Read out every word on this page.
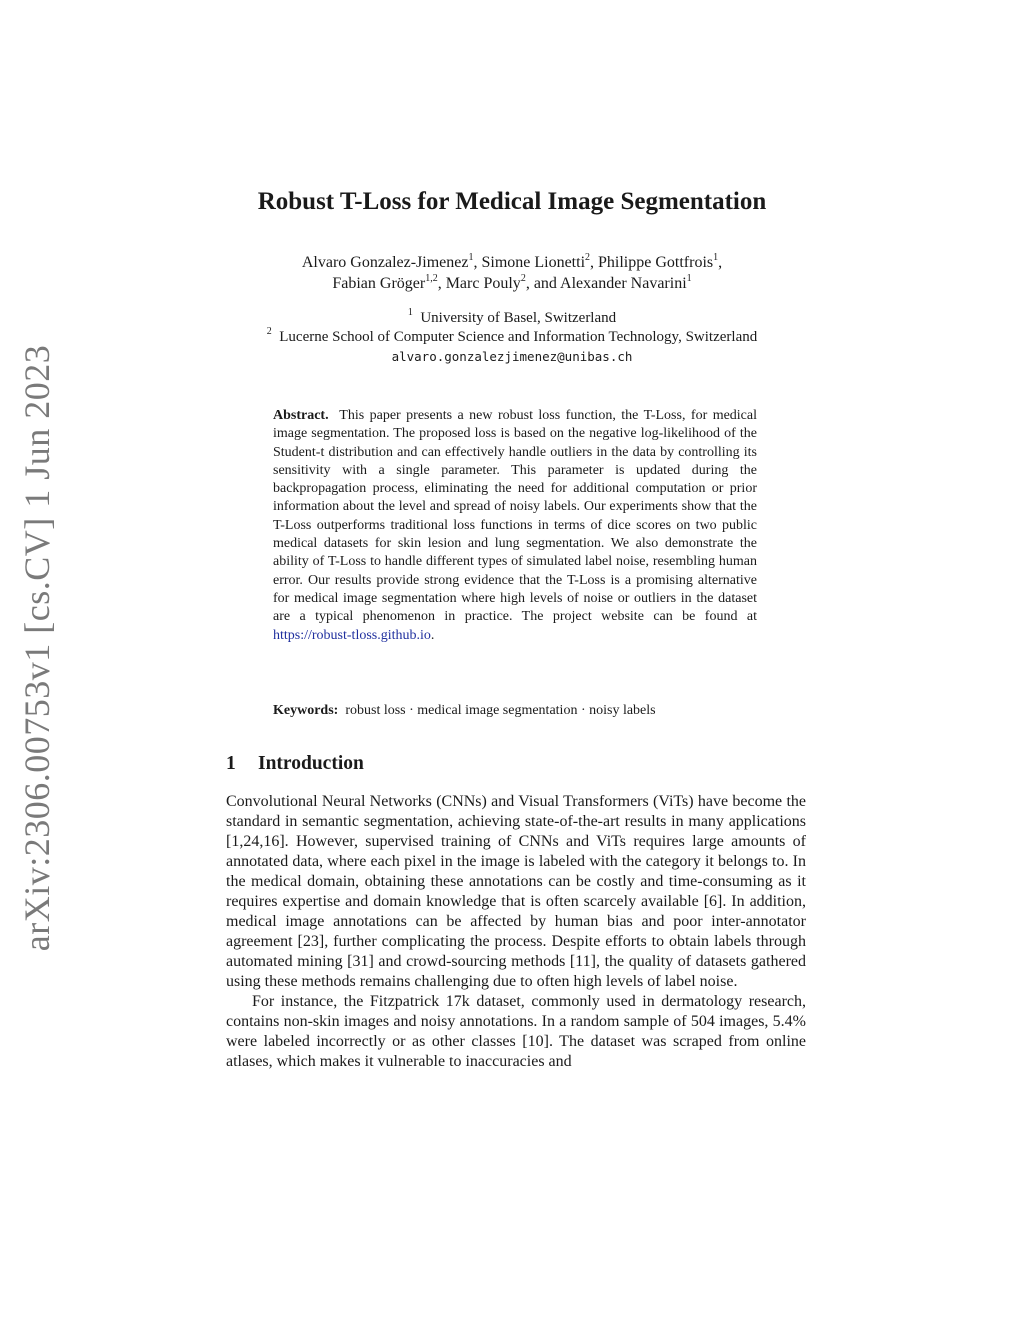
arXiv:2306.00753v1 [cs.CV] 1 Jun 2023
Robust T-Loss for Medical Image Segmentation
Alvaro Gonzalez-Jimenez$^1$, Simone Lionetti$^2$, Philippe Gottfrois$^1$,
Fabian Gröger$^{1,2}$, Marc Pouly$^2$, and Alexander Navarini$^1$
$^1$ University of Basel, Switzerland
$^2$ Lucerne School of Computer Science and Information Technology, Switzerland
alvaro.gonzalezjimenez@unibas.ch

Abstract. This paper presents a new robust loss function, the T-Loss, for medical image segmentation. The proposed loss is based on the negative log-likelihood of the Student-t distribution and can effectively handle outliers in the data by controlling its sensitivity with a single parameter. This parameter is updated during the backpropagation process, eliminating the need for additional computation or prior information about the level and spread of noisy labels. Our experiments show that the T-Loss outperforms traditional loss functions in terms of dice scores on two public medical datasets for skin lesion and lung segmentation. We also demonstrate the ability of T-Loss to handle different types of simulated label noise, resembling human error. Our results provide strong evidence that the T-Loss is a promising alternative for medical image segmentation where high levels of noise or outliers in the dataset are a typical phenomenon in practice. The project website can be found at https://robust-tloss.github.io.

Keywords: robust loss · medical image segmentation · noisy labels

1 Introduction

Convolutional Neural Networks (CNNs) and Visual Transformers (ViTs) have become the standard in semantic segmentation, achieving state-of-the-art results in many applications [1,24,16]. However, supervised training of CNNs and ViTs requires large amounts of annotated data, where each pixel in the image is labeled with the category it belongs to. In the medical domain, obtaining these annotations can be costly and time-consuming as it requires expertise and domain knowledge that is often scarcely available [6]. In addition, medical image annotations can be affected by human bias and poor inter-annotator agreement [23], further complicating the process. Despite efforts to obtain labels through automated mining [31] and crowd-sourcing methods [11], the quality of datasets gathered using these methods remains challenging due to often high levels of label noise.

For instance, the Fitzpatrick 17k dataset, commonly used in dermatology research, contains non-skin images and noisy annotations. In a random sample of 504 images, 5.4% were labeled incorrectly or as other classes [10]. The dataset was scraped from online atlases, which makes it vulnerable to inaccuracies and
